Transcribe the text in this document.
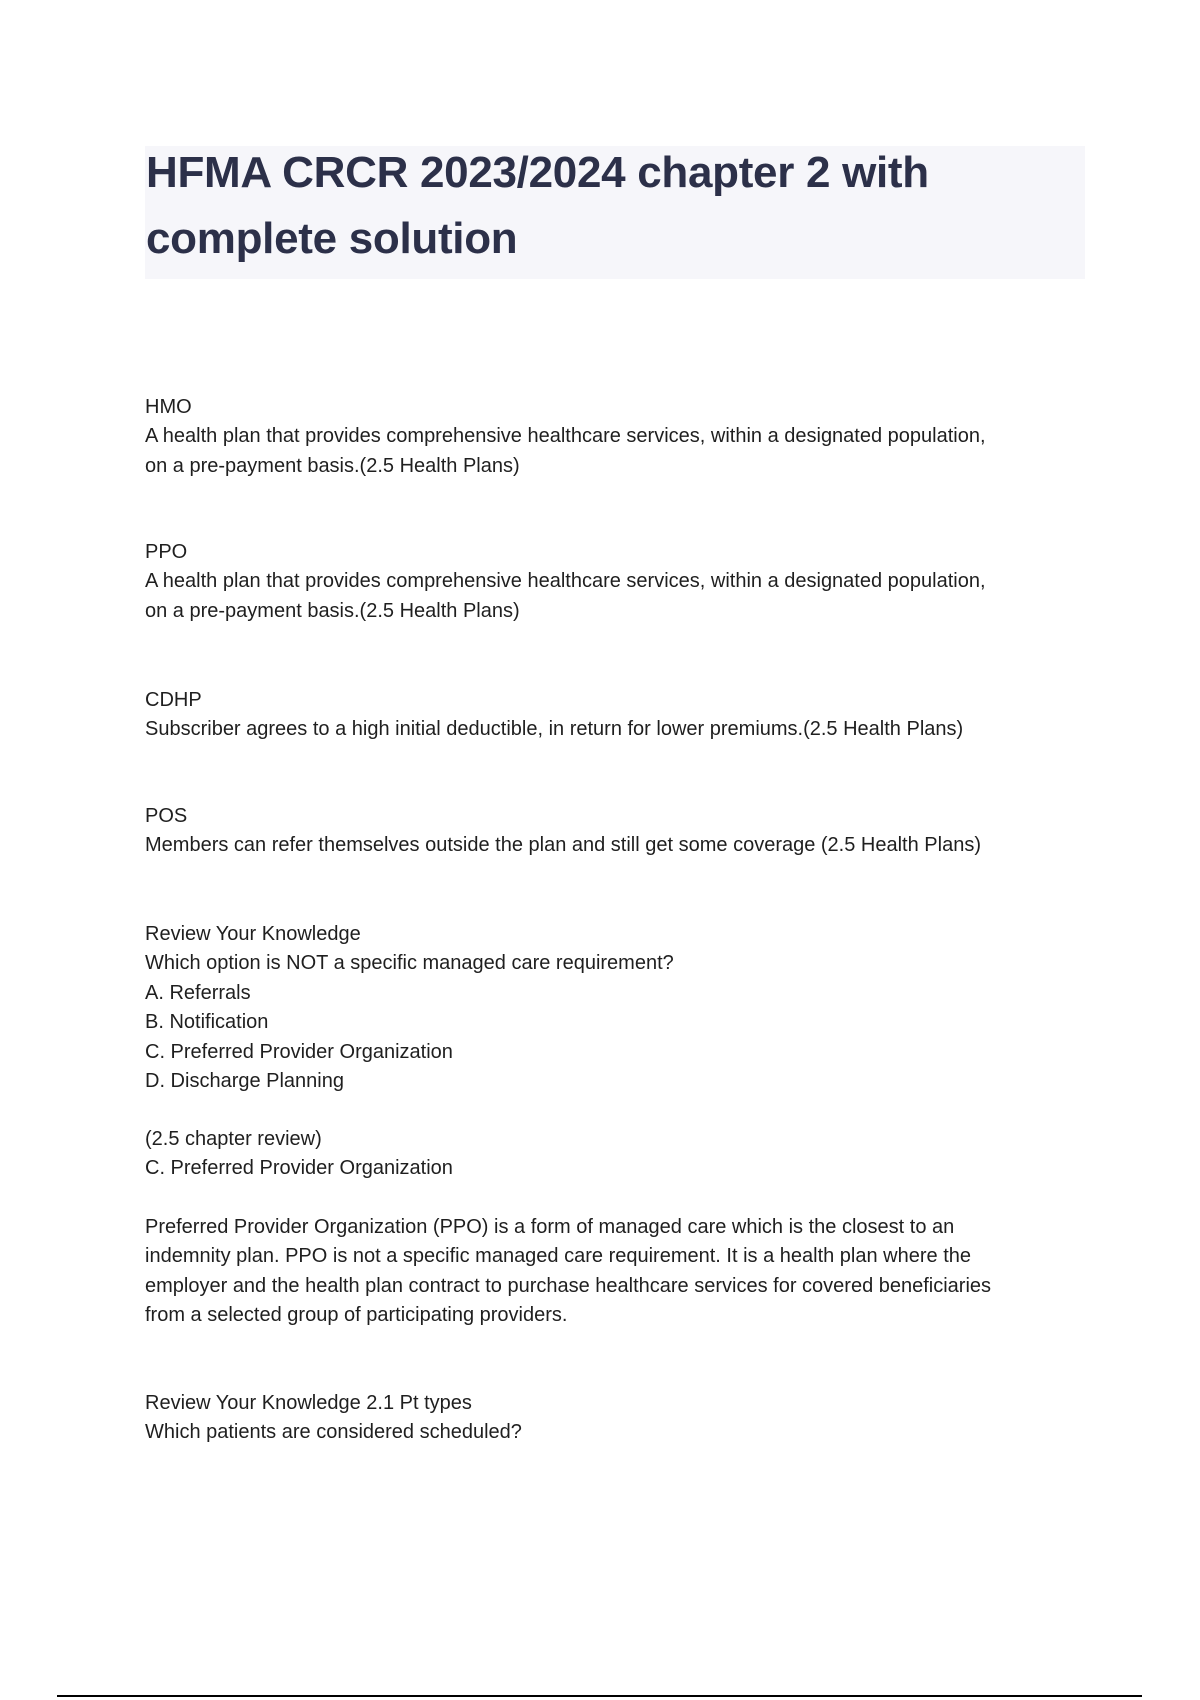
HFMA CRCR 2023/2024 chapter 2 with
complete solution
HMO
A health plan that provides comprehensive healthcare services, within a designated population,
on a pre-payment basis.(2.5 Health Plans)
PPO
A health plan that provides comprehensive healthcare services, within a designated population,
on a pre-payment basis.(2.5 Health Plans)
CDHP
Subscriber agrees to a high initial deductible, in return for lower premiums.(2.5 Health Plans)
POS
Members can refer themselves outside the plan and still get some coverage (2.5 Health Plans)
Review Your Knowledge
Which option is NOT a specific managed care requirement?
A. Referrals
B. Notification
C. Preferred Provider Organization
D. Discharge Planning
(2.5 chapter review)
C. Preferred Provider Organization
Preferred Provider Organization (PPO) is a form of managed care which is the closest to an
indemnity plan. PPO is not a specific managed care requirement. It is a health plan where the
employer and the health plan contract to purchase healthcare services for covered beneficiaries
from a selected group of participating providers.
Review Your Knowledge 2.1 Pt types
Which patients are considered scheduled?
